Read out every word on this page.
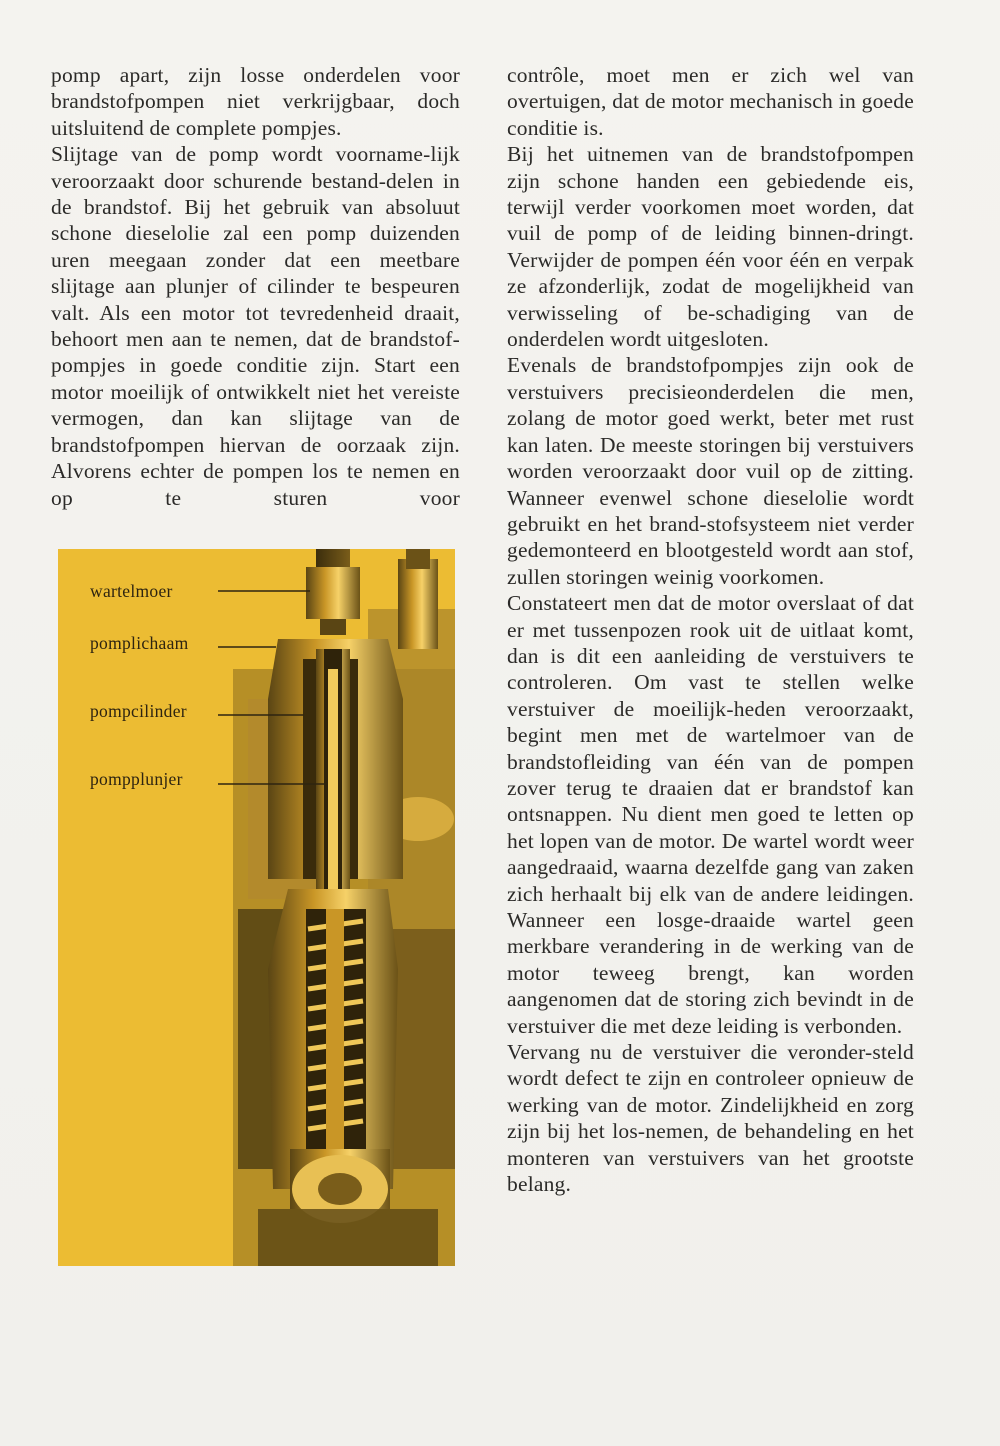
pomp apart, zijn losse onderdelen voor brandstofpompen niet verkrijgbaar, doch uitsluitend de complete pompjes.

Slijtage van de pomp wordt voorname-lijk veroorzaakt door schurende bestand-delen in de brandstof. Bij het gebruik van absoluut schone dieselolie zal een pomp duizenden uren meegaan zonder dat een meetbare slijtage aan plunjer of cilinder te bespeuren valt. Als een motor tot tevredenheid draait, behoort men aan te nemen, dat de brandstof-pompjes in goede conditie zijn. Start een motor moeilijk of ontwikkelt niet het vereiste vermogen, dan kan slijtage van de brandstofpompen hiervan de oorzaak zijn. Alvorens echter de pompen los te nemen en op te sturen voor

wartelmoer
pomplichaam
pompcilinder
pompplunjer

contrôle, moet men er zich wel van overtuigen, dat de motor mechanisch in goede conditie is.

Bij het uitnemen van de brandstofpompen zijn schone handen een gebiedende eis, terwijl verder voorkomen moet worden, dat vuil de pomp of de leiding binnen-dringt. Verwijder de pompen één voor één en verpak ze afzonderlijk, zodat de mogelijkheid van verwisseling of be-schadiging van de onderdelen wordt uitgesloten.

Evenals de brandstofpompjes zijn ook de verstuivers precisieonderdelen die men, zolang de motor goed werkt, beter met rust kan laten. De meeste storingen bij verstuivers worden veroorzaakt door vuil op de zitting. Wanneer evenwel schone dieselolie wordt gebruikt en het brand-stofsysteem niet verder gedemonteerd en blootgesteld wordt aan stof, zullen storingen weinig voorkomen.

Constateert men dat de motor overslaat of dat er met tussenpozen rook uit de uitlaat komt, dan is dit een aanleiding de verstuivers te controleren. Om vast te stellen welke verstuiver de moeilijk-heden veroorzaakt, begint men met de wartelmoer van de brandstofleiding van één van de pompen zover terug te draaien dat er brandstof kan ontsnappen. Nu dient men goed te letten op het lopen van de motor. De wartel wordt weer aangedraaid, waarna dezelfde gang van zaken zich herhaalt bij elk van de andere leidingen. Wanneer een losge-draaide wartel geen merkbare verandering in de werking van de motor teweeg brengt, kan worden aangenomen dat de storing zich bevindt in de verstuiver die met deze leiding is verbonden.

Vervang nu de verstuiver die veronder-steld wordt defect te zijn en controleer opnieuw de werking van de motor. Zindelijkheid en zorg zijn bij het los-nemen, de behandeling en het monteren van verstuivers van het grootste belang.
